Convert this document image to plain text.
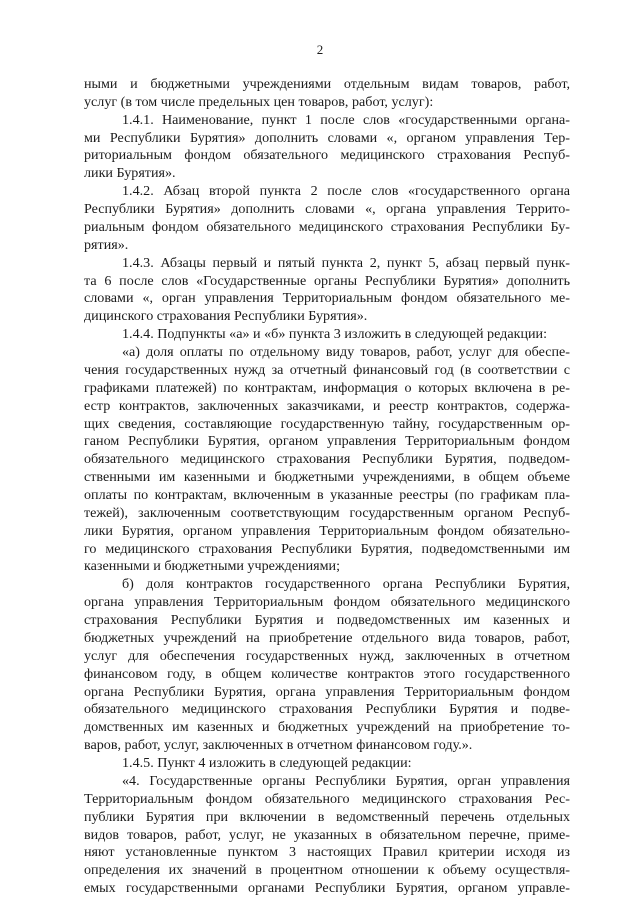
2
ными и бюджетными учреждениями отдельным видам товаров, работ,
услуг (в том числе предельных цен товаров, работ, услуг):
1.4.1. Наименование, пункт 1 после слов «государственными органа-
ми Республики Бурятия» дополнить словами «, органом управления Тер-
риториальным фондом обязательного медицинского страхования Респуб-
лики Бурятия».
1.4.2. Абзац второй пункта 2 после слов «государственного органа
Республики Бурятия» дополнить словами «, органа управления Террито-
риальным фондом обязательного медицинского страхования Республики Бу-
рятия».
1.4.3. Абзацы первый и пятый пункта 2, пункт 5, абзац первый пунк-
та 6 после слов «Государственные органы Республики Бурятия» дополнить
словами «, орган управления Территориальным фондом обязательного ме-
дицинского страхования Республики Бурятия».
1.4.4. Подпункты «а» и «б» пункта 3 изложить в следующей редакции:
«а) доля оплаты по отдельному виду товаров, работ, услуг для обеспе-
чения государственных нужд за отчетный финансовый год (в соответствии с
графиками платежей) по контрактам, информация о которых включена в ре-
естр контрактов, заключенных заказчиками, и реестр контрактов, содержа-
щих сведения, составляющие государственную тайну, государственным ор-
ганом Республики Бурятия, органом управления Территориальным фондом
обязательного медицинского страхования Республики Бурятия, подведом-
ственными им казенными и бюджетными учреждениями, в общем объеме
оплаты по контрактам, включенным в указанные реестры (по графикам пла-
тежей), заключенным соответствующим государственным органом Респуб-
лики Бурятия, органом управления Территориальным фондом обязательно-
го медицинского страхования Республики Бурятия, подведомственными им
казенными и бюджетными учреждениями;
б) доля контрактов государственного органа Республики Бурятия,
органа управления Территориальным фондом обязательного медицинского
страхования Республики Бурятия и подведомственных им казенных и
бюджетных учреждений на приобретение отдельного вида товаров, работ,
услуг для обеспечения государственных нужд, заключенных в отчетном
финансовом году, в общем количестве контрактов этого государственного
органа Республики Бурятия, органа управления Территориальным фондом
обязательного медицинского страхования Республики Бурятия и подве-
домственных им казенных и бюджетных учреждений на приобретение то-
варов, работ, услуг, заключенных в отчетном финансовом году.».
1.4.5. Пункт 4 изложить в следующей редакции:
«4. Государственные органы Республики Бурятия, орган управления
Территориальным фондом обязательного медицинского страхования Рес-
публики Бурятия при включении в ведомственный перечень отдельных
видов товаров, работ, услуг, не указанных в обязательном перечне, приме-
няют установленные пунктом 3 настоящих Правил критерии исходя из
определения их значений в процентном отношении к объему осуществля-
емых государственными органами Республики Бурятия, органом управле-
